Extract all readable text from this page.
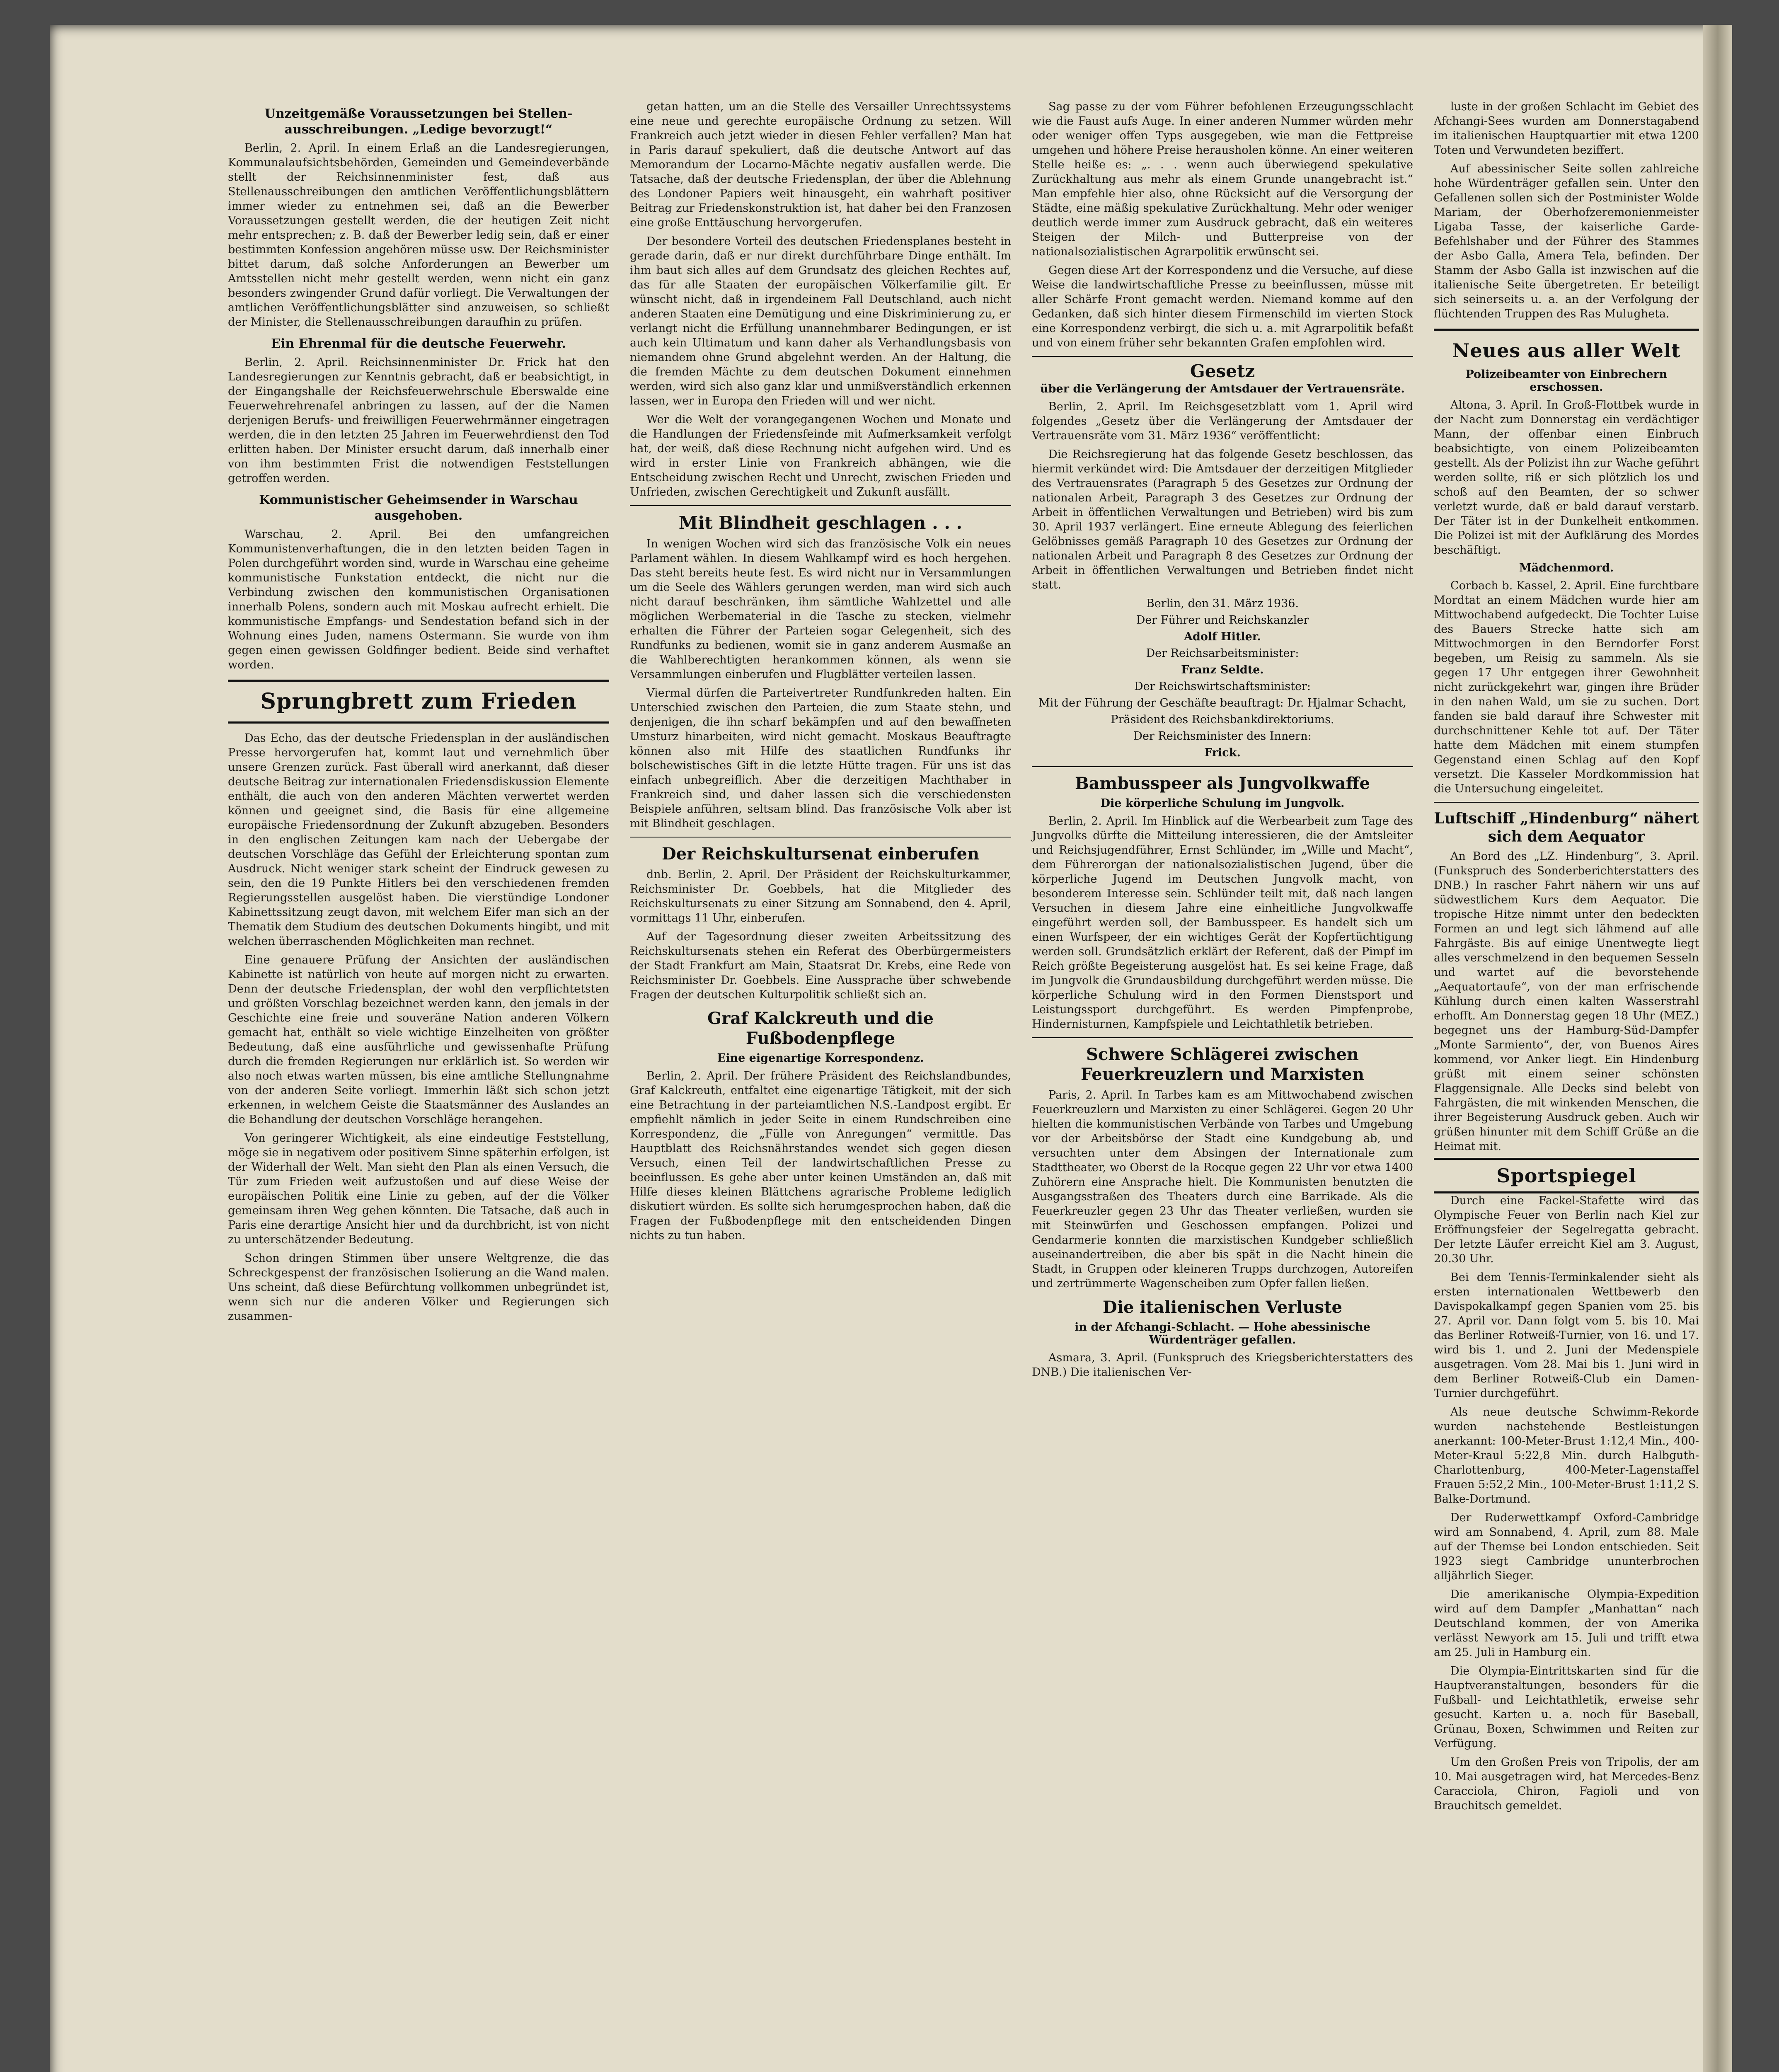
Unzeitgemäße Voraussetzungen bei Stellen-ausschreibungen. „Ledige bevorzugt!“

Berlin, 2. April. In einem Erlaß an die Landesregierungen, Kommunalaufsichtsbehörden, Gemeinden und Gemeindeverbände stellt der Reichsinnenminister fest, daß aus Stellenausschreibungen den amtlichen Veröffentlichungsblättern immer wieder zu entnehmen sei, daß an die Bewerber Voraussetzungen gestellt werden, die der heutigen Zeit nicht mehr entsprechen; z. B. daß der Bewerber ledig sein, daß er einer bestimmten Konfession angehören müsse usw. Der Reichsminister bittet darum, daß solche Anforderungen an Bewerber um Amtsstellen nicht mehr gestellt werden, wenn nicht ein ganz besonders zwingender Grund dafür vorliegt. Die Verwaltungen der amtlichen Veröffentlichungsblätter sind anzuweisen, so schließt der Minister, die Stellenausschreibungen daraufhin zu prüfen.

Ein Ehrenmal für die deutsche Feuerwehr.

Berlin, 2. April. Reichsinnenminister Dr. Frick hat den Landesregierungen zur Kenntnis gebracht, daß er beabsichtigt, in der Eingangshalle der Reichsfeuerwehrschule Eberswalde eine Feuerwehrehrenafel anbringen zu lassen, auf der die Namen derjenigen Berufs- und freiwilligen Feuerwehrmänner eingetragen werden, die in den letzten 25 Jahren im Feuerwehrdienst den Tod erlitten haben. Der Minister ersucht darum, daß innerhalb einer von ihm bestimmten Frist die notwendigen Feststellungen getroffen werden.

Kommunistischer Geheimsender in Warschau ausgehoben.

Warschau, 2. April. Bei den umfangreichen Kommunistenverhaftungen, die in den letzten beiden Tagen in Polen durchgeführt worden sind, wurde in Warschau eine geheime kommunistische Funkstation entdeckt, die nicht nur die Verbindung zwischen den kommunistischen Organisationen innerhalb Polens, sondern auch mit Moskau aufrecht erhielt. Die kommunistische Empfangs- und Sendestation befand sich in der Wohnung eines Juden, namens Ostermann. Sie wurde von ihm gegen einen gewissen Goldfinger bedient. Beide sind verhaftet worden.

Sprungbrett zum Frieden

Das Echo, das der deutsche Friedensplan in der ausländischen Presse hervorgerufen hat, kommt laut und vernehmlich über unsere Grenzen zurück. Fast überall wird anerkannt, daß dieser deutsche Beitrag zur internationalen Friedensdiskussion Elemente enthält, die auch von den anderen Mächten verwertet werden können und geeignet sind, die Basis für eine allgemeine europäische Friedensordnung der Zukunft abzugeben. Besonders in den englischen Zeitungen kam nach der Uebergabe der deutschen Vorschläge das Gefühl der Erleichterung spontan zum Ausdruck. Nicht weniger stark scheint der Eindruck gewesen zu sein, den die 19 Punkte Hitlers bei den verschiedenen fremden Regierungsstellen ausgelöst haben. Die vierstündige Londoner Kabinettssitzung zeugt davon, mit welchem Eifer man sich an der Thematik dem Studium des deutschen Dokuments hingibt, und mit welchen überraschenden Möglichkeiten man rechnet.

Eine genauere Prüfung der Ansichten der ausländischen Kabinette ist natürlich von heute auf morgen nicht zu erwarten. Denn der deutsche Friedensplan, der wohl den verpflichtetsten und größten Vorschlag bezeichnet werden kann, den jemals in der Geschichte eine freie und souveräne Nation anderen Völkern gemacht hat, enthält so viele wichtige Einzelheiten von größter Bedeutung, daß eine ausführliche und gewissenhafte Prüfung durch die fremden Regierungen nur erklärlich ist. So werden wir also noch etwas warten müssen, bis eine amtliche Stellungnahme von der anderen Seite vorliegt. Immerhin läßt sich schon jetzt erkennen, in welchem Geiste die Staatsmänner des Auslandes an die Behandlung der deutschen Vorschläge herangehen.

Von geringerer Wichtigkeit, als eine eindeutige Feststellung, möge sie in negativem oder positivem Sinne späterhin erfolgen, ist der Widerhall der Welt. Man sieht den Plan als einen Versuch, die Tür zum Frieden weit aufzustoßen und auf diese Weise der europäischen Politik eine Linie zu geben, auf der die Völker gemeinsam ihren Weg gehen könnten. Die Tatsache, daß auch in Paris eine derartige Ansicht hier und da durchbricht, ist von nicht zu unterschätzender Bedeutung.

Schon dringen Stimmen über unsere Weltgrenze, die das Schreckgespenst der französischen Isolierung an die Wand malen. Uns scheint, daß diese Befürchtung vollkommen unbegründet ist, wenn sich nur die anderen Völker und Regierungen sich zusammen-

getan hatten, um an die Stelle des Versailler Unrechtssystems eine neue und gerechte europäische Ordnung zu setzen. Will Frankreich auch jetzt wieder in diesen Fehler verfallen? Man hat in Paris darauf spekuliert, daß die deutsche Antwort auf das Memorandum der Locarno-Mächte negativ ausfallen werde. Die Tatsache, daß der deutsche Friedensplan, der über die Ablehnung des Londoner Papiers weit hinausgeht, ein wahrhaft positiver Beitrag zur Friedenskonstruktion ist, hat daher bei den Franzosen eine große Enttäuschung hervorgerufen.

Der besondere Vorteil des deutschen Friedensplanes besteht in gerade darin, daß er nur direkt durchführbare Dinge enthält. Im ihm baut sich alles auf dem Grundsatz des gleichen Rechtes auf, das für alle Staaten der europäischen Völkerfamilie gilt. Er wünscht nicht, daß in irgendeinem Fall Deutschland, auch nicht anderen Staaten eine Demütigung und eine Diskriminierung zu, er verlangt nicht die Erfüllung unannehmbarer Bedingungen, er ist auch kein Ultimatum und kann daher als Verhandlungsbasis von niemandem ohne Grund abgelehnt werden. An der Haltung, die die fremden Mächte zu dem deutschen Dokument einnehmen werden, wird sich also ganz klar und unmißverständlich erkennen lassen, wer in Europa den Frieden will und wer nicht.

Wer die Welt der vorangegangenen Wochen und Monate und die Handlungen der Friedensfeinde mit Aufmerksamkeit verfolgt hat, der weiß, daß diese Rechnung nicht aufgehen wird. Und es wird in erster Linie von Frankreich abhängen, wie die Entscheidung zwischen Recht und Unrecht, zwischen Frieden und Unfrieden, zwischen Gerechtigkeit und Zukunft ausfällt.

Mit Blindheit geschlagen . . .

In wenigen Wochen wird sich das französische Volk ein neues Parlament wählen. In diesem Wahlkampf wird es hoch hergehen. Das steht bereits heute fest. Es wird nicht nur in Versammlungen um die Seele des Wählers gerungen werden, man wird sich auch nicht darauf beschränken, ihm sämtliche Wahlzettel und alle möglichen Werbematerial in die Tasche zu stecken, vielmehr erhalten die Führer der Parteien sogar Gelegenheit, sich des Rundfunks zu bedienen, womit sie in ganz anderem Ausmaße an die Wahlberechtigten herankommen können, als wenn sie Versammlungen einberufen und Flugblätter verteilen lassen.

Viermal dürfen die Parteivertreter Rundfunkreden halten. Ein Unterschied zwischen den Parteien, die zum Staate stehn, und denjenigen, die ihn scharf bekämpfen und auf den bewaffneten Umsturz hinarbeiten, wird nicht gemacht. Moskaus Beauftragte können also mit Hilfe des staatlichen Rundfunks ihr bolschewistisches Gift in die letzte Hütte tragen. Für uns ist das einfach unbegreiflich. Aber die derzeitigen Machthaber in Frankreich sind, und daher lassen sich die verschiedensten Beispiele anführen, seltsam blind. Das französische Volk aber ist mit Blindheit geschlagen.

Der Reichskultursenat einberufen

dnb. Berlin, 2. April. Der Präsident der Reichskulturkammer, Reichsminister Dr. Goebbels, hat die Mitglieder des Reichskultursenats zu einer Sitzung am Sonnabend, den 4. April, vormittags 11 Uhr, einberufen.

Auf der Tagesordnung dieser zweiten Arbeitssitzung des Reichskultursenats stehen ein Referat des Oberbürgermeisters der Stadt Frankfurt am Main, Staatsrat Dr. Krebs, eine Rede von Reichsminister Dr. Goebbels. Eine Aussprache über schwebende Fragen der deutschen Kulturpolitik schließt sich an.

Graf Kalckreuth und die Fußbodenpflege
Eine eigenartige Korrespondenz.

Berlin, 2. April. Der frühere Präsident des Reichslandbundes, Graf Kalckreuth, entfaltet eine eigenartige Tätigkeit, mit der sich eine Betrachtung in der parteiamtlichen N.S.-Landpost ergibt. Er empfiehlt nämlich in jeder Seite in einem Rundschreiben eine Korrespondenz, die „Fülle von Anregungen“ vermittle. Das Hauptblatt des Reichsnährstandes wendet sich gegen diesen Versuch, einen Teil der landwirtschaftlichen Presse zu beeinflussen. Es gehe aber unter keinen Umständen an, daß mit Hilfe dieses kleinen Blättchens agrarische Probleme lediglich diskutiert würden. Es sollte sich herumgesprochen haben, daß die Fragen der Fußbodenpflege mit den entscheidenden Dingen nichts zu tun haben.

Sag passe zu der vom Führer befohlenen Erzeugungsschlacht wie die Faust aufs Auge. In einer anderen Nummer würden mehr oder weniger offen Typs ausgegeben, wie man die Fettpreise umgehen und höhere Preise herausholen könne. An einer weiteren Stelle heiße es: „. . . wenn auch überwiegend spekulative Zurückhaltung aus mehr als einem Grunde unangebracht ist.“ Man empfehle hier also, ohne Rücksicht auf die Versorgung der Städte, eine mäßig spekulative Zurückhaltung. Mehr oder weniger deutlich werde immer zum Ausdruck gebracht, daß ein weiteres Steigen der Milch- und Butterpreise von der nationalsozialistischen Agrarpolitik erwünscht sei.

Gegen diese Art der Korrespondenz und die Versuche, auf diese Weise die landwirtschaftliche Presse zu beeinflussen, müsse mit aller Schärfe Front gemacht werden. Niemand komme auf den Gedanken, daß sich hinter diesem Firmenschild im vierten Stock eine Korrespondenz verbirgt, die sich u. a. mit Agrarpolitik befaßt und von einem früher sehr bekannten Grafen empfohlen wird.

Gesetz
über die Verlängerung der Amtsdauer der Vertrauensräte.

Berlin, 2. April. Im Reichsgesetzblatt vom 1. April wird folgendes „Gesetz über die Verlängerung der Amtsdauer der Vertrauensräte vom 31. März 1936“ veröffentlicht:

Die Reichsregierung hat das folgende Gesetz beschlossen, das hiermit verkündet wird: Die Amtsdauer der derzeitigen Mitglieder des Vertrauensrates (Paragraph 5 des Gesetzes zur Ordnung der nationalen Arbeit, Paragraph 3 des Gesetzes zur Ordnung der Arbeit in öffentlichen Verwaltungen und Betrieben) wird bis zum 30. April 1937 verlängert. Eine erneute Ablegung des feierlichen Gelöbnisses gemäß Paragraph 10 des Gesetzes zur Ordnung der nationalen Arbeit und Paragraph 8 des Gesetzes zur Ordnung der Arbeit in öffentlichen Verwaltungen und Betrieben findet nicht statt.

Berlin, den 31. März 1936.
Der Führer und Reichskanzler
Adolf Hitler.
Der Reichsarbeitsminister:
Franz Seldte.
Der Reichswirtschaftsminister:
Mit der Führung der Geschäfte beauftragt: Dr. Hjalmar Schacht,
Präsident des Reichsbankdirektoriums.
Der Reichsminister des Innern:
Frick.
Bambusspeer als Jungvolkwaffe
Die körperliche Schulung im Jungvolk.

Berlin, 2. April. Im Hinblick auf die Werbearbeit zum Tage des Jungvolks dürfte die Mitteilung interessieren, die der Amtsleiter und Reichsjugendführer, Ernst Schlünder, im „Wille und Macht“, dem Führerorgan der nationalsozialistischen Jugend, über die körperliche Jugend im Deutschen Jungvolk macht, von besonderem Interesse sein. Schlünder teilt mit, daß nach langen Versuchen in diesem Jahre eine einheitliche Jungvolkwaffe eingeführt werden soll, der Bambusspeer. Es handelt sich um einen Wurfspeer, der ein wichtiges Gerät der Kopfertüchtigung werden soll. Grundsätzlich erklärt der Referent, daß der Pimpf im Reich größte Begeisterung ausgelöst hat. Es sei keine Frage, daß im Jungvolk die Grundausbildung durchgeführt werden müsse. Die körperliche Schulung wird in den Formen Dienstsport und Leistungssport durchgeführt. Es werden Pimpfenprobe, Hindernisturnen, Kampfspiele und Leichtathletik betrieben.

Schwere Schlägerei zwischen Feuerkreuzlern und Marxisten

Paris, 2. April. In Tarbes kam es am Mittwochabend zwischen Feuerkreuzlern und Marxisten zu einer Schlägerei. Gegen 20 Uhr hielten die kommunistischen Verbände von Tarbes und Umgebung vor der Arbeitsbörse der Stadt eine Kundgebung ab, und versuchten unter dem Absingen der Internationale zum Stadttheater, wo Oberst de la Rocque gegen 22 Uhr vor etwa 1400 Zuhörern eine Ansprache hielt. Die Kommunisten benutzten die Ausgangsstraßen des Theaters durch eine Barrikade. Als die Feuerkreuzler gegen 23 Uhr das Theater verließen, wurden sie mit Steinwürfen und Geschossen empfangen. Polizei und Gendarmerie konnten die marxistischen Kundgeber schließlich auseinandertreiben, die aber bis spät in die Nacht hinein die Stadt, in Gruppen oder kleineren Trupps durchzogen, Autoreifen und zertrümmerte Wagenscheiben zum Opfer fallen ließen.

Die italienischen Verluste
in der Afchangi-Schlacht. — Hohe abessinische Würdenträger gefallen.

Asmara, 3. April. (Funkspruch des Kriegsberichterstatters des DNB.) Die italienischen Ver-

luste in der großen Schlacht im Gebiet des Afchangi-Sees wurden am Donnerstagabend im italienischen Hauptquartier mit etwa 1200 Toten und Verwundeten beziffert.

Auf abessinischer Seite sollen zahlreiche hohe Würdenträger gefallen sein. Unter den Gefallenen sollen sich der Postminister Wolde Mariam, der Oberhofzeremonienmeister Ligaba Tasse, der kaiserliche Garde-Befehlshaber und der Führer des Stammes der Asbo Galla, Amera Tela, befinden. Der Stamm der Asbo Galla ist inzwischen auf die italienische Seite übergetreten. Er beteiligt sich seinerseits u. a. an der Verfolgung der flüchtenden Truppen des Ras Mulugheta.

Neues aus aller Welt
Polizeibeamter von Einbrechern erschossen.

Altona, 3. April. In Groß-Flottbek wurde in der Nacht zum Donnerstag ein verdächtiger Mann, der offenbar einen Einbruch beabsichtigte, von einem Polizeibeamten gestellt. Als der Polizist ihn zur Wache geführt werden sollte, riß er sich plötzlich los und schoß auf den Beamten, der so schwer verletzt wurde, daß er bald darauf verstarb. Der Täter ist in der Dunkelheit entkommen. Die Polizei ist mit der Aufklärung des Mordes beschäftigt.

Mädchenmord.

Corbach b. Kassel, 2. April. Eine furchtbare Mordtat an einem Mädchen wurde hier am Mittwochabend aufgedeckt. Die Tochter Luise des Bauers Strecke hatte sich am Mittwochmorgen in den Berndorfer Forst begeben, um Reisig zu sammeln. Als sie gegen 17 Uhr entgegen ihrer Gewohnheit nicht zurückgekehrt war, gingen ihre Brüder in den nahen Wald, um sie zu suchen. Dort fanden sie bald darauf ihre Schwester mit durchschnittener Kehle tot auf. Der Täter hatte dem Mädchen mit einem stumpfen Gegenstand einen Schlag auf den Kopf versetzt. Die Kasseler Mordkommission hat die Untersuchung eingeleitet.

Luftschiff „Hindenburg“ nähert sich dem Aequator

An Bord des „LZ. Hindenburg“, 3. April. (Funkspruch des Sonderberichterstatters des DNB.) In rascher Fahrt nähern wir uns auf südwestlichem Kurs dem Aequator. Die tropische Hitze nimmt unter den bedeckten Formen an und legt sich lähmend auf alle Fahrgäste. Bis auf einige Unentwegte liegt alles verschmelzend in den bequemen Sesseln und wartet auf die bevorstehende „Aequatortaufe“, von der man erfrischende Kühlung durch einen kalten Wasserstrahl erhofft. Am Donnerstag gegen 18 Uhr (MEZ.) begegnet uns der Hamburg-Süd-Dampfer „Monte Sarmiento“, der, von Buenos Aires kommend, vor Anker liegt. Ein Hindenburg grüßt mit einem seiner schönsten Flaggensignale. Alle Decks sind belebt von Fahrgästen, die mit winkenden Menschen, die ihrer Begeisterung Ausdruck geben. Auch wir grüßen hinunter mit dem Schiff Grüße an die Heimat mit.

Sportspiegel

Durch eine Fackel-Stafette wird das Olympische Feuer von Berlin nach Kiel zur Eröffnungsfeier der Segelregatta gebracht. Der letzte Läufer erreicht Kiel am 3. August, 20.30 Uhr.

Bei dem Tennis-Terminkalender sieht als ersten internationalen Wettbewerb den Davispokalkampf gegen Spanien vom 25. bis 27. April vor. Dann folgt vom 5. bis 10. Mai das Berliner Rotweiß-Turnier, von 16. und 17. wird bis 1. und 2. Juni der Medenspiele ausgetragen. Vom 28. Mai bis 1. Juni wird in dem Berliner Rotweiß-Club ein Damen-Turnier durchgeführt.

Als neue deutsche Schwimm-Rekorde wurden nachstehende Bestleistungen anerkannt: 100-Meter-Brust 1:12,4 Min., 400-Meter-Kraul 5:22,8 Min. durch Halbguth-Charlottenburg, 400-Meter-Lagenstaffel Frauen 5:52,2 Min., 100-Meter-Brust 1:11,2 S. Balke-Dortmund.

Der Ruderwettkampf Oxford-Cambridge wird am Sonnabend, 4. April, zum 88. Male auf der Themse bei London entschieden. Seit 1923 siegt Cambridge ununterbrochen alljährlich Sieger.

Die amerikanische Olympia-Expedition wird auf dem Dampfer „Manhattan“ nach Deutschland kommen, der von Amerika verlässt Newyork am 15. Juli und trifft etwa am 25. Juli in Hamburg ein.

Die Olympia-Eintrittskarten sind für die Hauptveranstaltungen, besonders für die Fußball- und Leichtathletik, erweise sehr gesucht. Karten u. a. noch für Baseball, Grünau, Boxen, Schwimmen und Reiten zur Verfügung.

Um den Großen Preis von Tripolis, der am 10. Mai ausgetragen wird, hat Mercedes-Benz Caracciola, Chiron, Fagioli und von Brauchitsch gemeldet.
